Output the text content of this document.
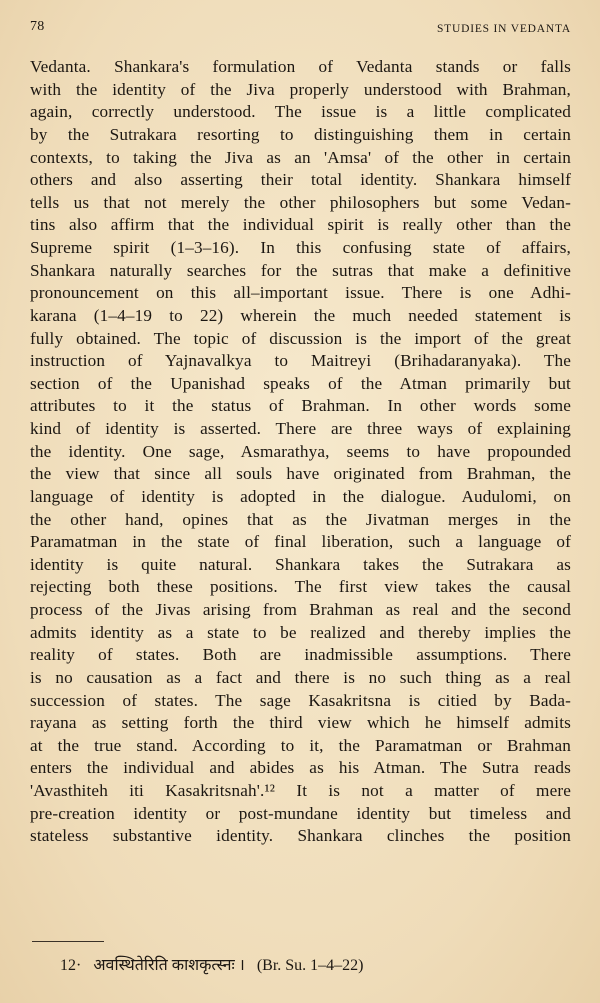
78	STUDIES IN VEDANTA
Vedanta. Shankara's formulation of Vedanta stands or falls
with the identity of the Jiva properly understood with Brahman,
again, correctly understood. The issue is a little complicated
by the Sutrakara resorting to distinguishing them in certain
contexts, to taking the Jiva as an 'Amsa' of the other in certain
others and also asserting their total identity. Shankara himself
tells us that not merely the other philosophers but some Vedan-
tins also affirm that the individual spirit is really other than the
Supreme spirit (1–3–16). In this confusing state of affairs,
Shankara naturally searches for the sutras that make a definitive
pronouncement on this all–important issue. There is one Adhi-
karana (1–4–19 to 22) wherein the much needed statement is
fully obtained. The topic of discussion is the import of the great
instruction of Yajnavalkya to Maitreyi (Brihadaranyaka). The
section of the Upanishad speaks of the Atman primarily but
attributes to it the status of Brahman. In other words some
kind of identity is asserted. There are three ways of explaining
the identity. One sage, Asmarathya, seems to have propounded
the view that since all souls have originated from Brahman, the
language of identity is adopted in the dialogue. Audulomi, on
the other hand, opines that as the Jivatman merges in the
Paramatman in the state of final liberation, such a language of
identity is quite natural. Shankara takes the Sutrakara as
rejecting both these positions. The first view takes the causal
process of the Jivas arising from Brahman as real and the second
admits identity as a state to be realized and thereby implies the
reality of states. Both are inadmissible assumptions. There
is no causation as a fact and there is no such thing as a real
succession of states. The sage Kasakritsna is citied by Bada-
rayana as setting forth the third view which he himself admits
at the true stand. According to it, the Paramatman or Brahman
enters the individual and abides as his Atman. The Sutra reads
'Avasthiteh iti Kasakritsnah'.¹² It is not a matter of mere
pre-creation identity or post-mundane identity but timeless and
stateless substantive identity. Shankara clinches the position
12· अवस्थितेरिति काशकृत्स्नः । (Br. Su. 1–4–22)
